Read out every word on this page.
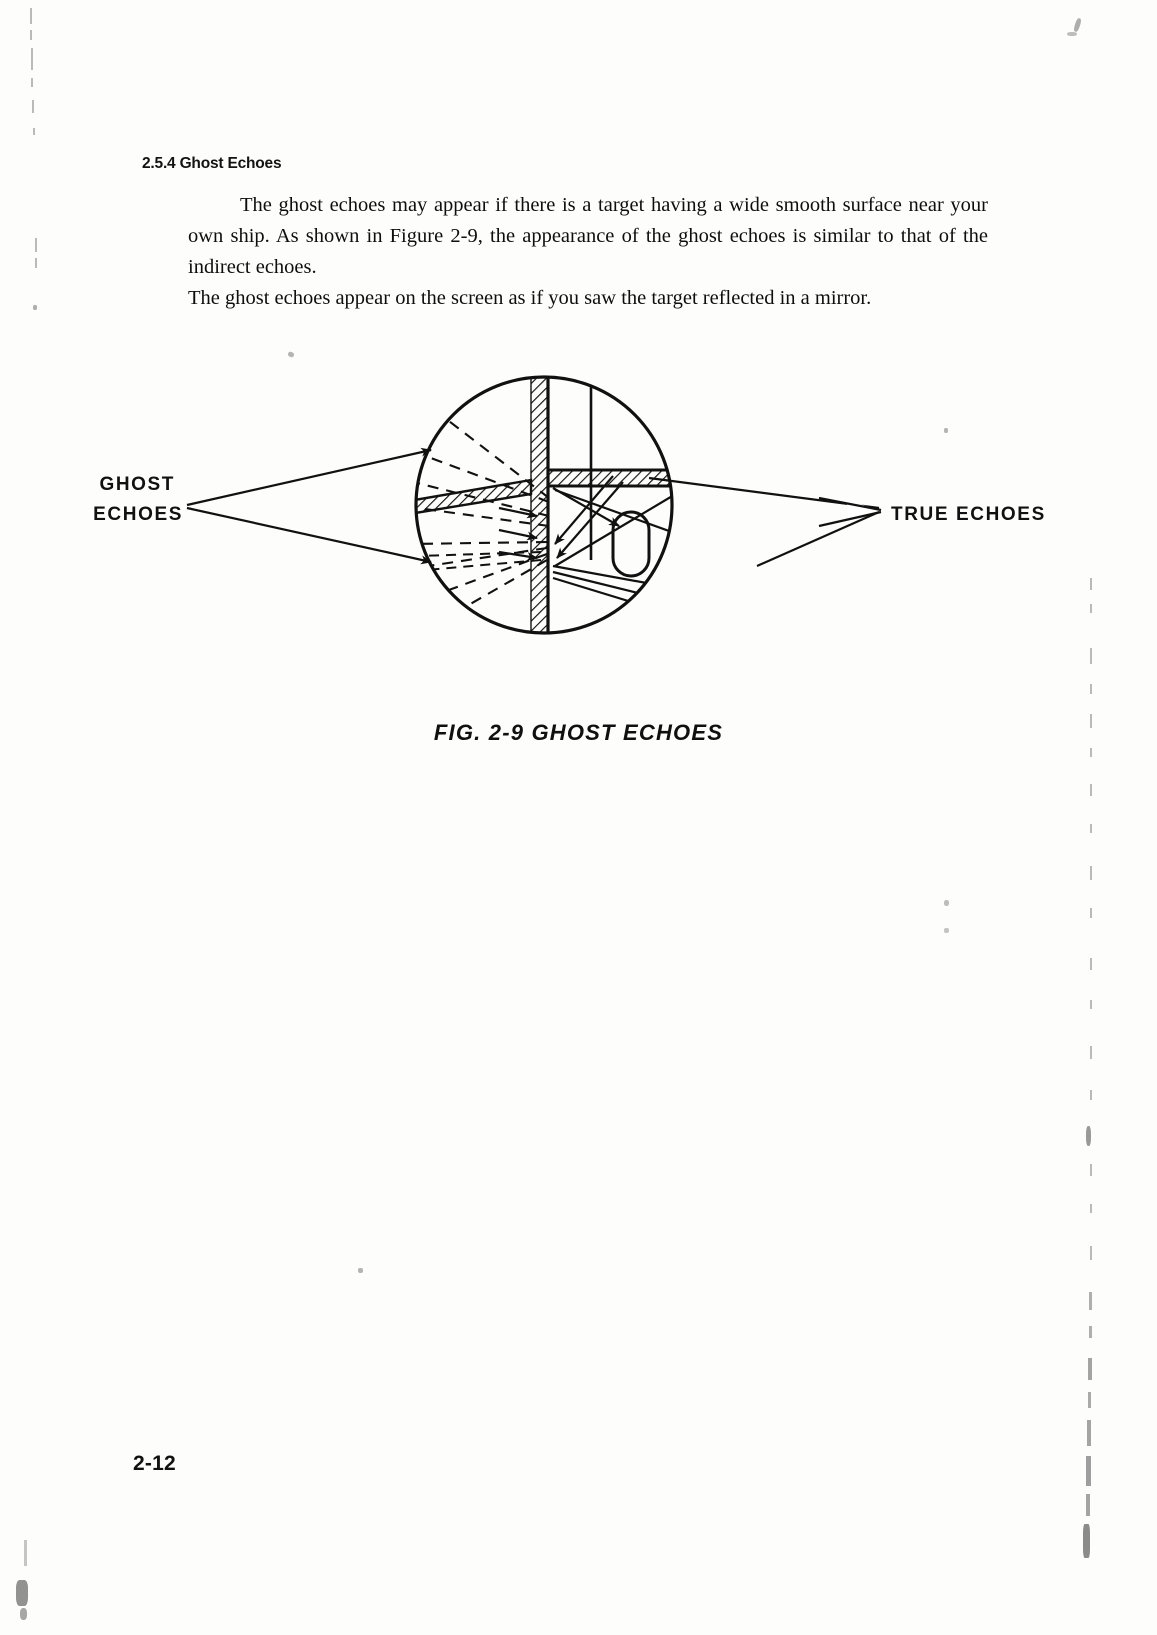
2.5.4 Ghost Echoes

The ghost echoes may appear if there is a target having a wide smooth surface near your own ship. As shown in Figure 2-9, the appearance of the ghost echoes is similar to that of the indirect echoes.

The ghost echoes appear on the screen as if you saw the target reflected in a mirror.

GHOST
ECHOES	TRUE ECHOES
FIG. 2-9 GHOST ECHOES
2-12
